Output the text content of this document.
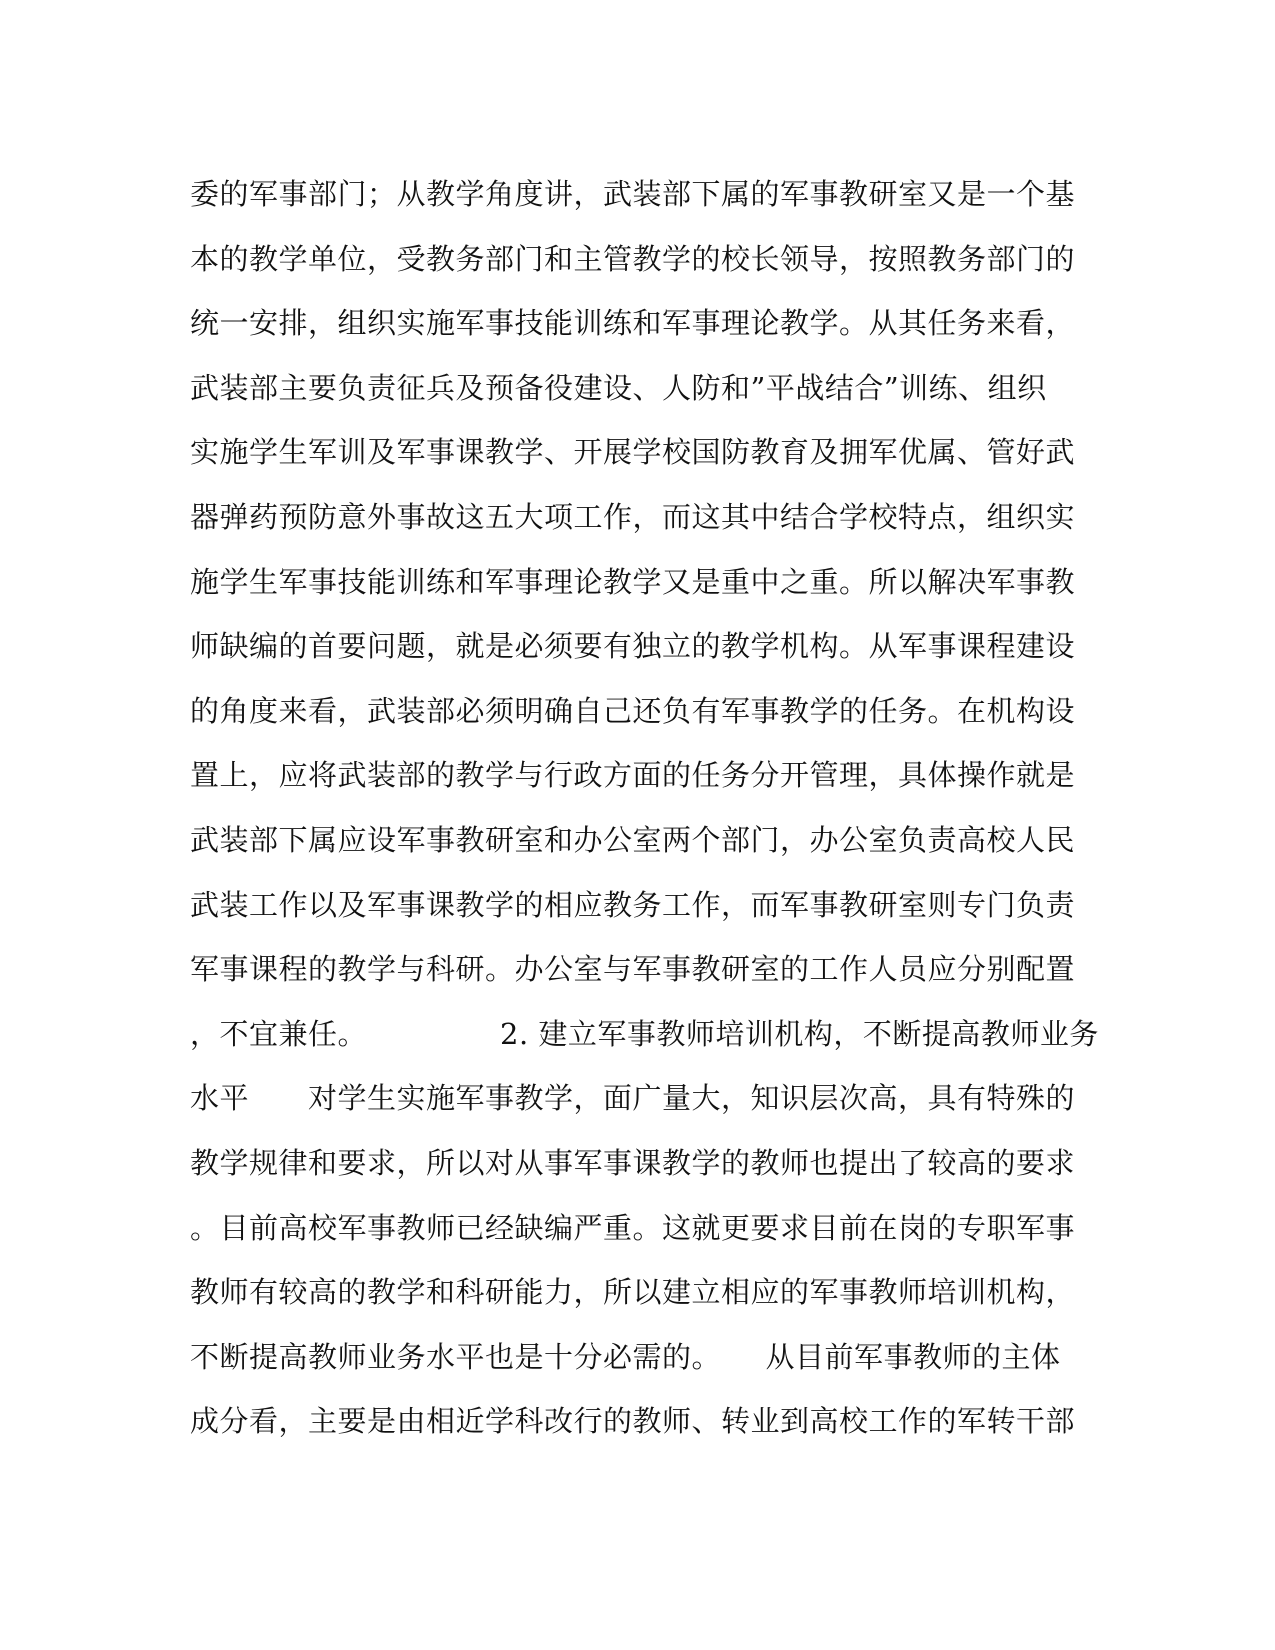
委的军事部门；从教学角度讲，武装部下属的军事教研室又是一个基
本的教学单位，受教务部门和主管教学的校长领导，按照教务部门的
统一安排，组织实施军事技能训练和军事理论教学。从其任务来看，
武装部主要负责征兵及预备役建设、人防和”平战结合”训练、组织
实施学生军训及军事课教学、开展学校国防教育及拥军优属、管好武
器弹药预防意外事故这五大项工作，而这其中结合学校特点，组织实
施学生军事技能训练和军事理论教学又是重中之重。所以解决军事教
师缺编的首要问题，就是必须要有独立的教学机构。从军事课程建设
的角度来看，武装部必须明确自己还负有军事教学的任务。在机构设
置上，应将武装部的教学与行政方面的任务分开管理，具体操作就是
武装部下属应设军事教研室和办公室两个部门，办公室负责高校人民
武装工作以及军事课教学的相应教务工作，而军事教研室则专门负责
军事课程的教学与科研。办公室与军事教研室的工作人员应分别配置
，不宜兼任。　　　　　2. 建立军事教师培训机构，不断提高教师业务
水平　　对学生实施军事教学，面广量大，知识层次高，具有特殊的
教学规律和要求，所以对从事军事课教学的教师也提出了较高的要求
。目前高校军事教师已经缺编严重。这就更要求目前在岗的专职军事
教师有较高的教学和科研能力，所以建立相应的军事教师培训机构，
不断提高教师业务水平也是十分必需的。　　从目前军事教师的主体
成分看，主要是由相近学科改行的教师、转业到高校工作的军转干部
